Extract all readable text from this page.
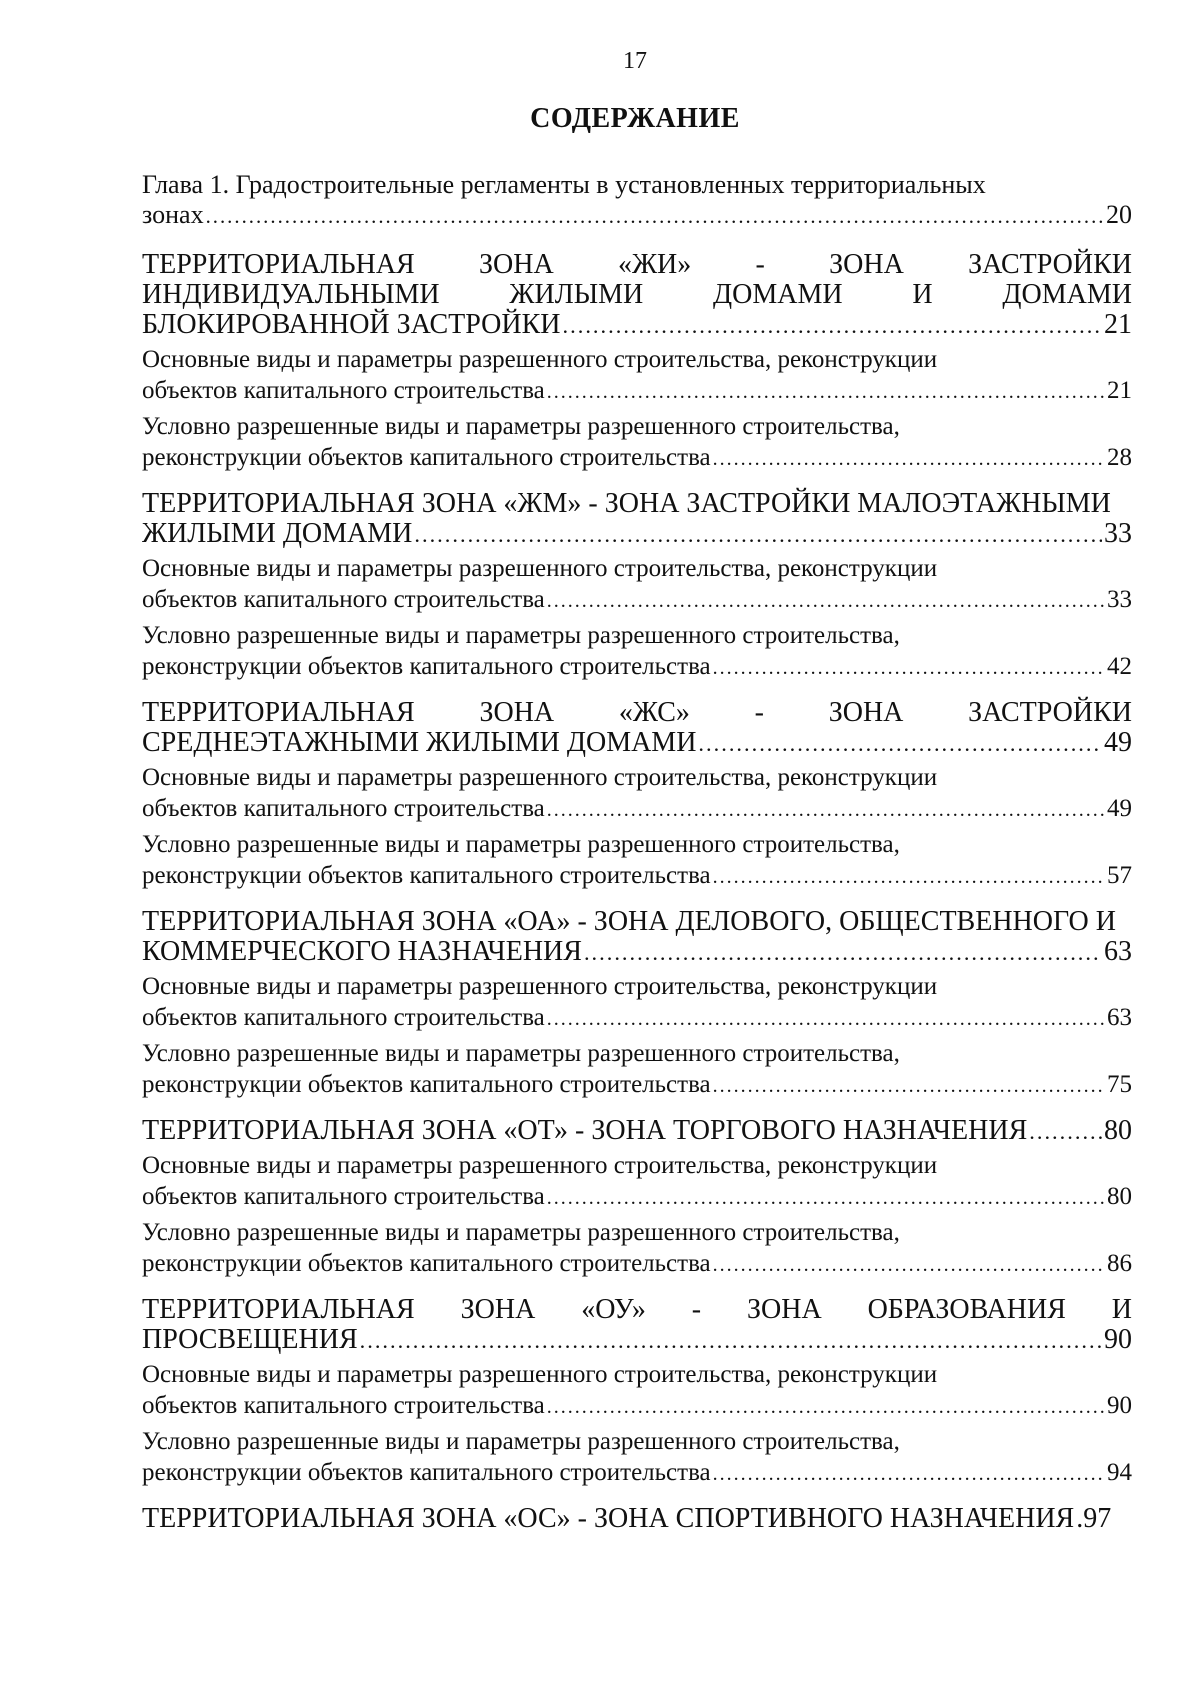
17
СОДЕРЖАНИЕ
Глава 1. Градостроительные регламенты в установленных территориальных
зонах .....	20
ТЕРРИТОРИАЛЬНАЯ ЗОНА «ЖИ» - ЗОНА ЗАСТРОЙКИ
ИНДИВИДУАЛЬНЫМИ ЖИЛЫМИ ДОМАМИ И ДОМАМИ
БЛОКИРОВАННОЙ ЗАСТРОЙКИ .....	21
Основные виды и параметры разрешенного строительства, реконструкции
объектов капитального строительства .....	21
Условно разрешенные виды и параметры разрешенного строительства,
реконструкции объектов капитального строительства .....	28
ТЕРРИТОРИАЛЬНАЯ ЗОНА «ЖМ» - ЗОНА ЗАСТРОЙКИ МАЛОЭТАЖНЫМИ
ЖИЛЫМИ ДОМАМИ .....	33
Основные виды и параметры разрешенного строительства, реконструкции
объектов капитального строительства .....	33
Условно разрешенные виды и параметры разрешенного строительства,
реконструкции объектов капитального строительства .....	42
ТЕРРИТОРИАЛЬНАЯ ЗОНА «ЖС» - ЗОНА ЗАСТРОЙКИ
СРЕДНЕЭТАЖНЫМИ ЖИЛЫМИ ДОМАМИ .....	49
Основные виды и параметры разрешенного строительства, реконструкции
объектов капитального строительства .....	49
Условно разрешенные виды и параметры разрешенного строительства,
реконструкции объектов капитального строительства .....	57
ТЕРРИТОРИАЛЬНАЯ ЗОНА «ОА» - ЗОНА ДЕЛОВОГО, ОБЩЕСТВЕННОГО И
КОММЕРЧЕСКОГО НАЗНАЧЕНИЯ .....	63
Основные виды и параметры разрешенного строительства, реконструкции
объектов капитального строительства .....	63
Условно разрешенные виды и параметры разрешенного строительства,
реконструкции объектов капитального строительства .....	75
ТЕРРИТОРИАЛЬНАЯ ЗОНА «ОТ» - ЗОНА ТОРГОВОГО НАЗНАЧЕНИЯ .....	80
Основные виды и параметры разрешенного строительства, реконструкции
объектов капитального строительства .....	80
Условно разрешенные виды и параметры разрешенного строительства,
реконструкции объектов капитального строительства .....	86
ТЕРРИТОРИАЛЬНАЯ ЗОНА «ОУ» - ЗОНА ОБРАЗОВАНИЯ И
ПРОСВЕЩЕНИЯ .....	90
Основные виды и параметры разрешенного строительства, реконструкции
объектов капитального строительства .....	90
Условно разрешенные виды и параметры разрешенного строительства,
реконструкции объектов капитального строительства .....	94
ТЕРРИТОРИАЛЬНАЯ ЗОНА «ОС» - ЗОНА СПОРТИВНОГО НАЗНАЧЕНИЯ .97
